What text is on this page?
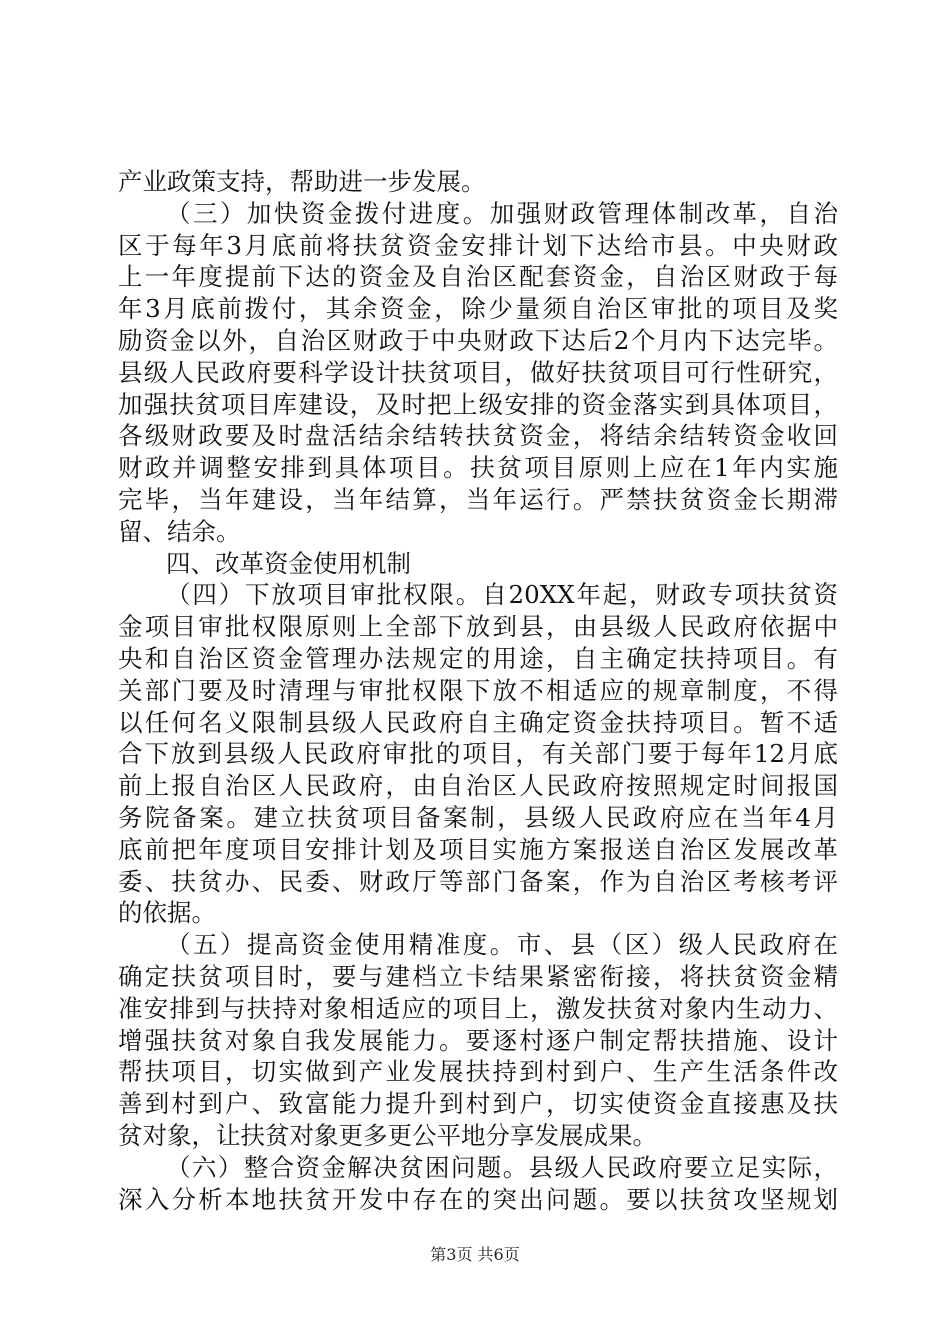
产业政策支持，帮助进一步发展。
（三）加快资金拨付进度。加强财政管理体制改革，自治
区于每年3月底前将扶贫资金安排计划下达给市县。中央财政
上一年度提前下达的资金及自治区配套资金，自治区财政于每
年3月底前拨付，其余资金，除少量须自治区审批的项目及奖
励资金以外，自治区财政于中央财政下达后2个月内下达完毕。
县级人民政府要科学设计扶贫项目，做好扶贫项目可行性研究，
加强扶贫项目库建设，及时把上级安排的资金落实到具体项目，
各级财政要及时盘活结余结转扶贫资金，将结余结转资金收回
财政并调整安排到具体项目。扶贫项目原则上应在1年内实施
完毕，当年建设，当年结算，当年运行。严禁扶贫资金长期滞
留、结余。
四、改革资金使用机制
（四）下放项目审批权限。自20XX年起，财政专项扶贫资
金项目审批权限原则上全部下放到县，由县级人民政府依据中
央和自治区资金管理办法规定的用途，自主确定扶持项目。有
关部门要及时清理与审批权限下放不相适应的规章制度，不得
以任何名义限制县级人民政府自主确定资金扶持项目。暂不适
合下放到县级人民政府审批的项目，有关部门要于每年12月底
前上报自治区人民政府，由自治区人民政府按照规定时间报国
务院备案。建立扶贫项目备案制，县级人民政府应在当年4月
底前把年度项目安排计划及项目实施方案报送自治区发展改革
委、扶贫办、民委、财政厅等部门备案，作为自治区考核考评
的依据。
（五）提高资金使用精准度。市、县（区）级人民政府在
确定扶贫项目时，要与建档立卡结果紧密衔接，将扶贫资金精
准安排到与扶持对象相适应的项目上，激发扶贫对象内生动力、
增强扶贫对象自我发展能力。要逐村逐户制定帮扶措施、设计
帮扶项目，切实做到产业发展扶持到村到户、生产生活条件改
善到村到户、致富能力提升到村到户，切实使资金直接惠及扶
贫对象，让扶贫对象更多更公平地分享发展成果。
（六）整合资金解决贫困问题。县级人民政府要立足实际，
深入分析本地扶贫开发中存在的突出问题。要以扶贫攻坚规划
第3页 共6页
